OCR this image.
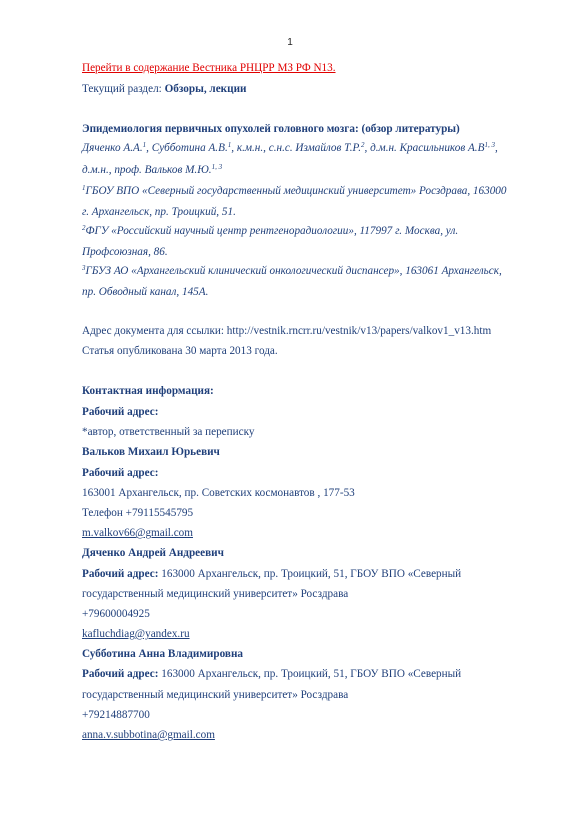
1
Перейти в содержание Вестника РНЦРР МЗ РФ N13.
Текущий раздел: Обзоры, лекции
Эпидемиология первичных опухолей головного мозга: (обзор литературы)
Дяченко А.А.$^1$, Субботина А.В.$^1$, к.м.н., с.н.с. Измайлов Т.Р.$^2$, д.м.н. Красильников $А.В^{1, 3}$,
д.м.н., проф. Вальков М.Ю.$^{1, 3}$
$^1$ГБОУ ВПО «Северный государственный медицинский университет» Росздрава, 163000
г. Архангельск, пр. Троицкий, 51.
$^2$ФГУ «Российский научный центр рентгенорадиологии», 117997 г. Москва, ул.
Профсоюзная, 86.
$^3$ГБУЗ АО «Архангельский клинический онкологический диспансер», 163061 Архангельск,
пр. Обводный канал, 145А.
Адрес документа для ссылки: http://vestnik.rncrr.ru/vestnik/v13/papers/valkov1_v13.htm
Статья опубликована 30 марта 2013 года.
Контактная информация:
Рабочий адрес:
*автор, ответственный за переписку
Вальков Михаил Юрьевич
Рабочий адрес:
163001 Архангельск, пр. Советских космонавтов , 177-53
Телефон +79115545795
m.valkov66@gmail.com
Дяченко Андрей Андреевич
Рабочий адрес: 163000 Архангельск, пр. Троицкий, 51, ГБОУ ВПО «Северный
государственный медицинский университет» Росздрава
+79600004925
kafluchdiag@yandex.ru
Субботина Анна Владимировна
Рабочий адрес: 163000 Архангельск, пр. Троицкий, 51, ГБОУ ВПО «Северный
государственный медицинский университет» Росздрава
+79214887700
anna.v.subbotina@gmail.com
